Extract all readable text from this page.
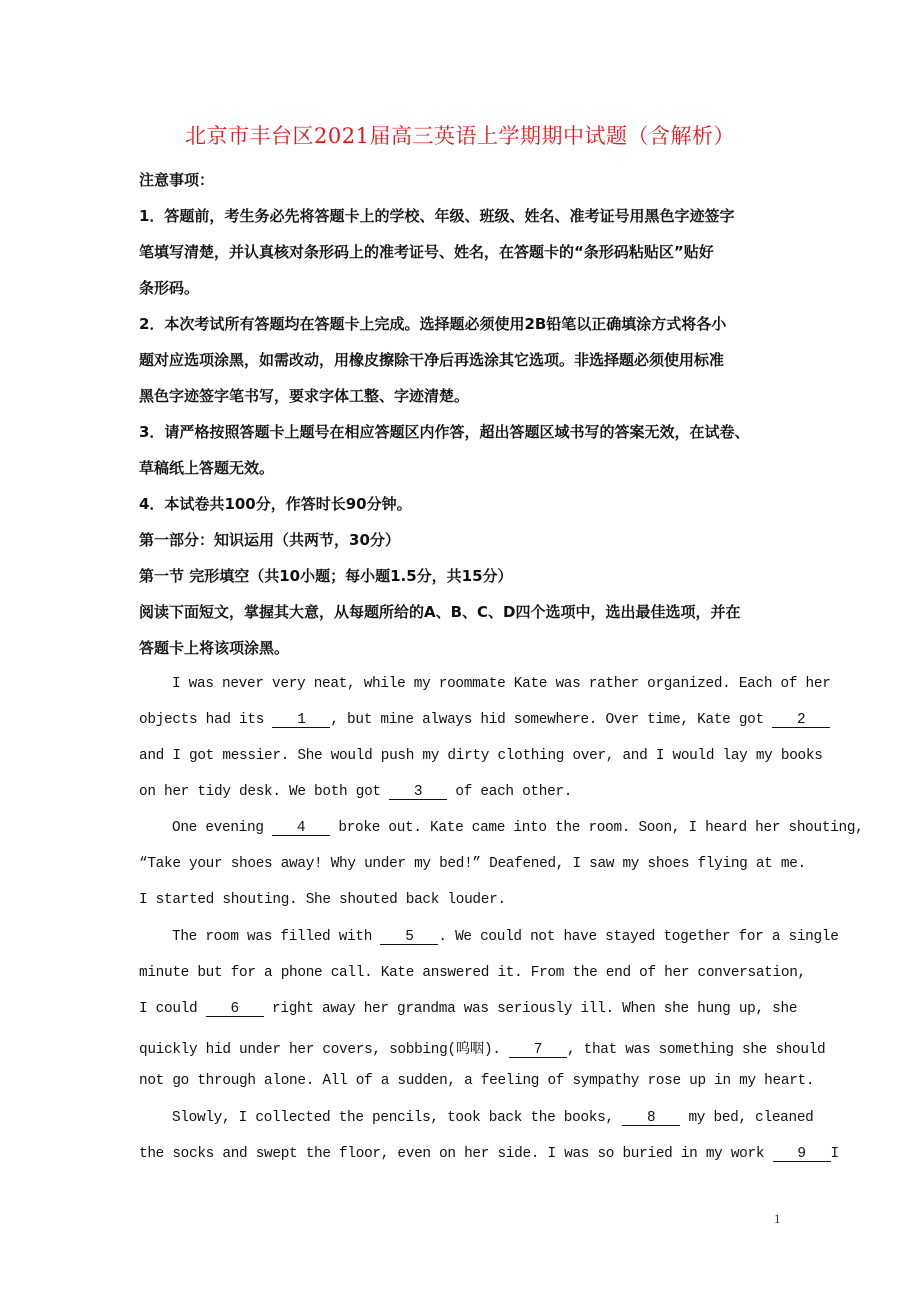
北京市丰台区2021届高三英语上学期期中试题（含解析）
注意事项：
1．答题前，考生务必先将答题卡上的学校、年级、班级、姓名、准考证号用黑色字迹签字
笔填写清楚，并认真核对条形码上的准考证号、姓名，在答题卡的“条形码粘贴区”贴好
条形码。
2．本次考试所有答题均在答题卡上完成。选择题必须使用2B铅笔以正确填涂方式将各小
题对应选项涂黑，如需改动，用橡皮擦除干净后再选涂其它选项。非选择题必须使用标准
黑色字迹签字笔书写，要求字体工整、字迹清楚。
3．请严格按照答题卡上题号在相应答题区内作答，超出答题区域书写的答案无效，在试卷、
草稿纸上答题无效。
4．本试卷共100分，作答时长90分钟。
第一部分：知识运用（共两节，30分）
第一节 完形填空（共10小题；每小题1.5分，共15分）
阅读下面短文，掌握其大意，从每题所给的A、B、C、D四个选项中，选出最佳选项，并在
答题卡上将该项涂黑。
I was never very neat, while my roommate Kate was rather organized. Each of her
objects had its 1 , but mine always hid somewhere. Over time, Kate got 2
and I got messier. She would push my dirty clothing over, and I would lay my books
on her tidy desk. We both got 3 of each other.
One evening 4 broke out. Kate came into the room. Soon, I heard her shouting,
“Take your shoes away! Why under my bed!” Deafened, I saw my shoes flying at me.
I started shouting. She shouted back louder.
The room was filled with 5 . We could not have stayed together for a single
minute but for a phone call. Kate answered it. From the end of her conversation,
I could 6 right away her grandma was seriously ill. When she hung up, she
quickly hid under her covers, sobbing(呜咽). 7 , that was something she should
not go through alone. All of a sudden, a feeling of sympathy rose up in my heart.
Slowly, I collected the pencils, took back the books, 8 my bed, cleaned
the socks and swept the floor, even on her side. I was so buried in my work 9 I
1
